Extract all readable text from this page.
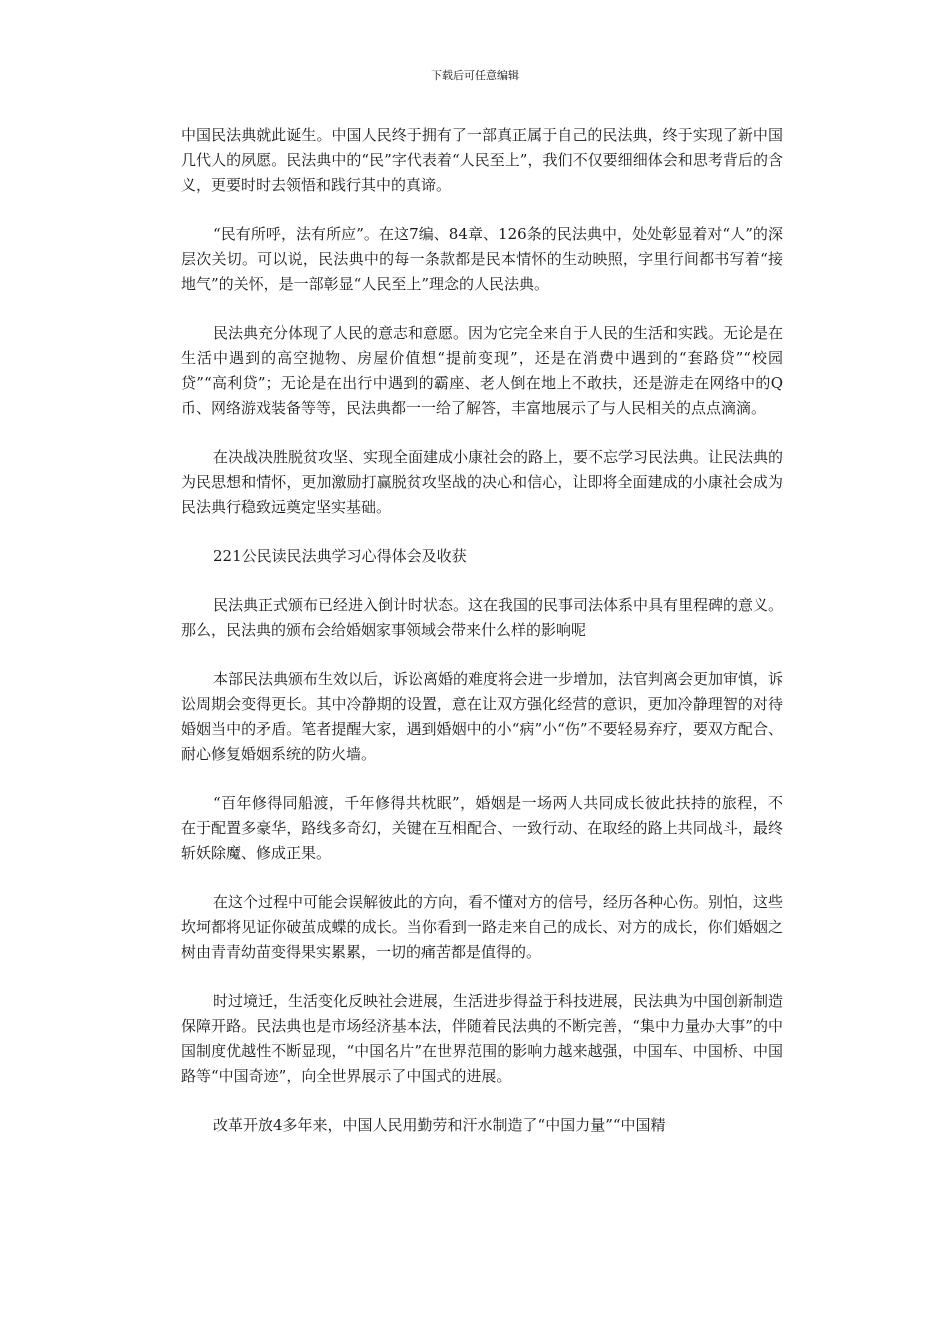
下载后可任意编辑

中国民法典就此诞生。中国人民终于拥有了一部真正属于自己的民法典，终于实现了新中国几代人的夙愿。民法典中的“民”字代表着“人民至上”，我们不仅要细细体会和思考背后的含义，更要时时去领悟和践行其中的真谛。

“民有所呼，法有所应”。在这7编、84章、126条的民法典中，处处彰显着对“人”的深层次关切。可以说，民法典中的每一条款都是民本情怀的生动映照，字里行间都书写着“接地气”的关怀，是一部彰显“人民至上”理念的人民法典。

民法典充分体现了人民的意志和意愿。因为它完全来自于人民的生活和实践。无论是在生活中遇到的高空抛物、房屋价值想“提前变现”，还是在消费中遇到的“套路贷”“校园贷”“高利贷”；无论是在出行中遇到的霸座、老人倒在地上不敢扶，还是游走在网络中的Q币、网络游戏装备等等，民法典都一一给了解答，丰富地展示了与人民相关的点点滴滴。

在决战决胜脱贫攻坚、实现全面建成小康社会的路上，要不忘学习民法典。让民法典的为民思想和情怀，更加激励打赢脱贫攻坚战的决心和信心，让即将全面建成的小康社会成为民法典行稳致远奠定坚实基础。

221公民读民法典学习心得体会及收获

民法典正式颁布已经进入倒计时状态。这在我国的民事司法体系中具有里程碑的意义。那么，民法典的颁布会给婚姻家事领域会带来什么样的影响呢

本部民法典颁布生效以后，诉讼离婚的难度将会进一步增加，法官判离会更加审慎，诉讼周期会变得更长。其中冷静期的设置，意在让双方强化经营的意识，更加冷静理智的对待婚姻当中的矛盾。笔者提醒大家，遇到婚姻中的小“病”小“伤”不要轻易弃疗，要双方配合、耐心修复婚姻系统的防火墙。

“百年修得同船渡，千年修得共枕眠”，婚姻是一场两人共同成长彼此扶持的旅程，不在于配置多豪华，路线多奇幻，关键在互相配合、一致行动、在取经的路上共同战斗，最终斩妖除魔、修成正果。

在这个过程中可能会误解彼此的方向，看不懂对方的信号，经历各种心伤。别怕，这些坎坷都将见证你破茧成蝶的成长。当你看到一路走来自己的成长、对方的成长，你们婚姻之树由青青幼苗变得果实累累，一切的痛苦都是值得的。

时过境迁，生活变化反映社会进展，生活进步得益于科技进展，民法典为中国创新制造保障开路。民法典也是市场经济基本法，伴随着民法典的不断完善，“集中力量办大事”的中国制度优越性不断显现，“中国名片”在世界范围的影响力越来越强，中国车、中国桥、中国路等“中国奇迹”，向全世界展示了中国式的进展。

改革开放4多年来，中国人民用勤劳和汗水制造了“中国力量”“中国精
